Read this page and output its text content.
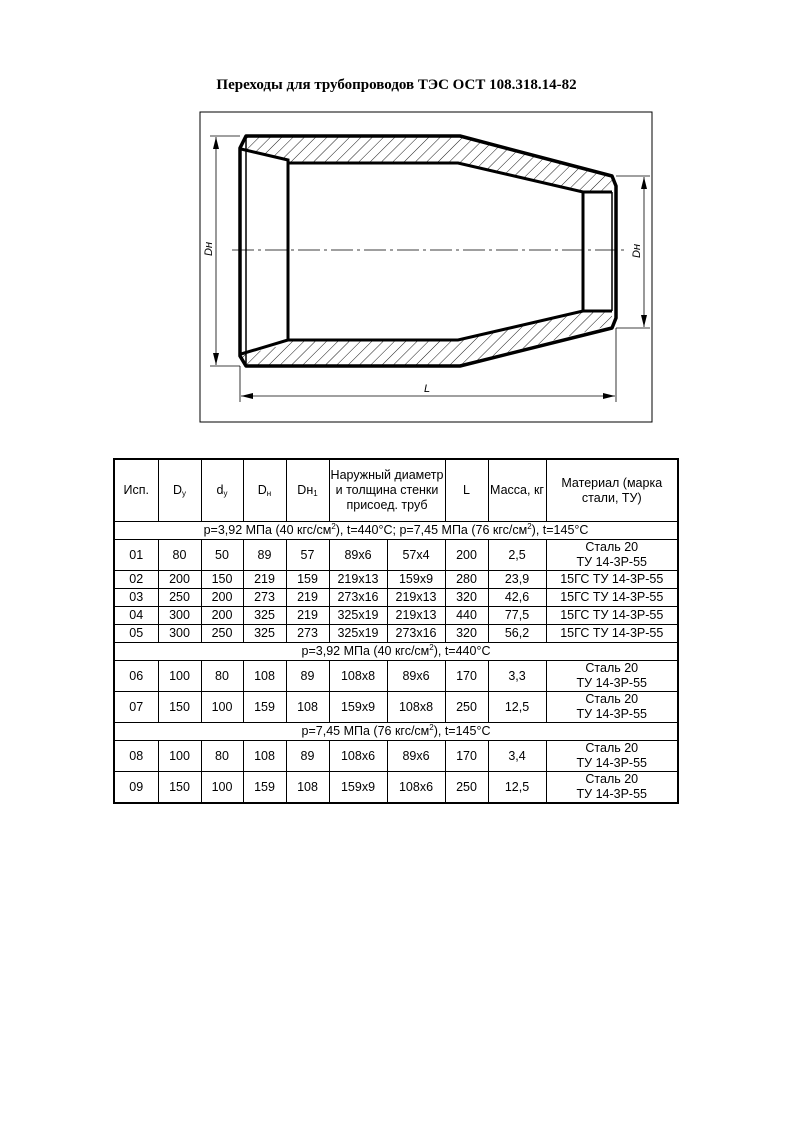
Переходы для трубопроводов ТЭС ОСТ 108.318.14-82
Dн	Dн
L
Исп.	$D_у$	$d_у$	$D_н$	$Dн_1$	Наружный диаметр и толщина стенки присоед. труб		L	Масса, кг	Материал (марка стали, ТУ)
p=3,92 МПа (40 кгс/$см^2$), t=440°C; p=7,45 МПа (76 кгс/$см^2$), t=145°C									
01	80	50	89	57	89x6	57x4	200	2,5	Сталь 20
ТУ 14-3Р-55
02	200	150	219	159	219x13	159x9	280	23,9	15ГС ТУ 14-3Р-55
03	250	200	273	219	273x16	219x13	320	42,6	15ГС ТУ 14-3Р-55
04	300	200	325	219	325x19	219x13	440	77,5	15ГС ТУ 14-3Р-55
05	300	250	325	273	325x19	273x16	320	56,2	15ГС ТУ 14-3Р-55
p=3,92 МПа (40 кгс/$см^2$), t=440°C									
06	100	80	108	89	108x8	89x6	170	3,3	Сталь 20
ТУ 14-3Р-55
07	150	100	159	108	159x9	108x8	250	12,5	Сталь 20
ТУ 14-3Р-55
p=7,45 МПа (76 кгс/$см^2$), t=145°C									
08	100	80	108	89	108x6	89x6	170	3,4	Сталь 20
ТУ 14-3Р-55
09	150	100	159	108	159x9	108x6	250	12,5	Сталь 20
ТУ 14-3Р-55
